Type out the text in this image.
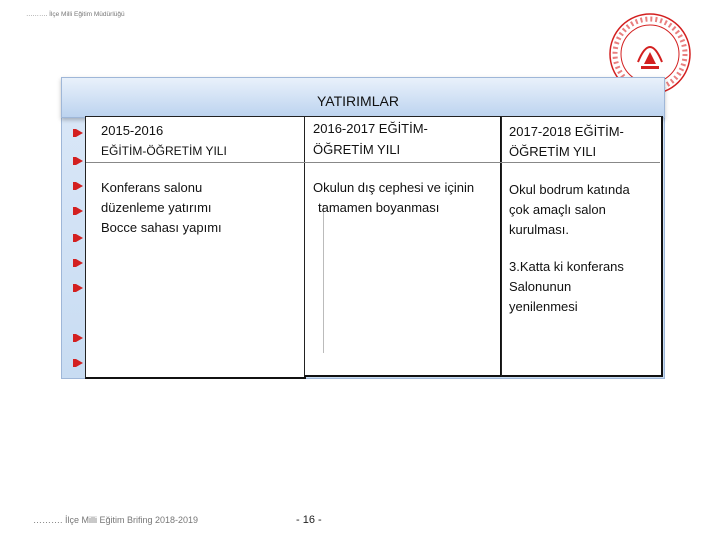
………. İlçe Milli Eğitim Müdürlüğü
YATIRIMLAR
2015-2016
EĞİTİM-ÖĞRETİM YILI
Konferans salonu
düzenleme yatırımı
Bocce sahası yapımı
2016-2017 EĞİTİM-
ÖĞRETİM YILI
Okulun dış cephesi ve içinin
tamamen boyanması
2017-2018 EĞİTİM-
ÖĞRETİM YILI
Okul bodrum katında
çok amaçlı salon
kurulması.
3.Katta ki konferans
Salonunun
yenilenmesi
………. İlçe Milli Eğitim Brifing 2018-2019	- 16 -
